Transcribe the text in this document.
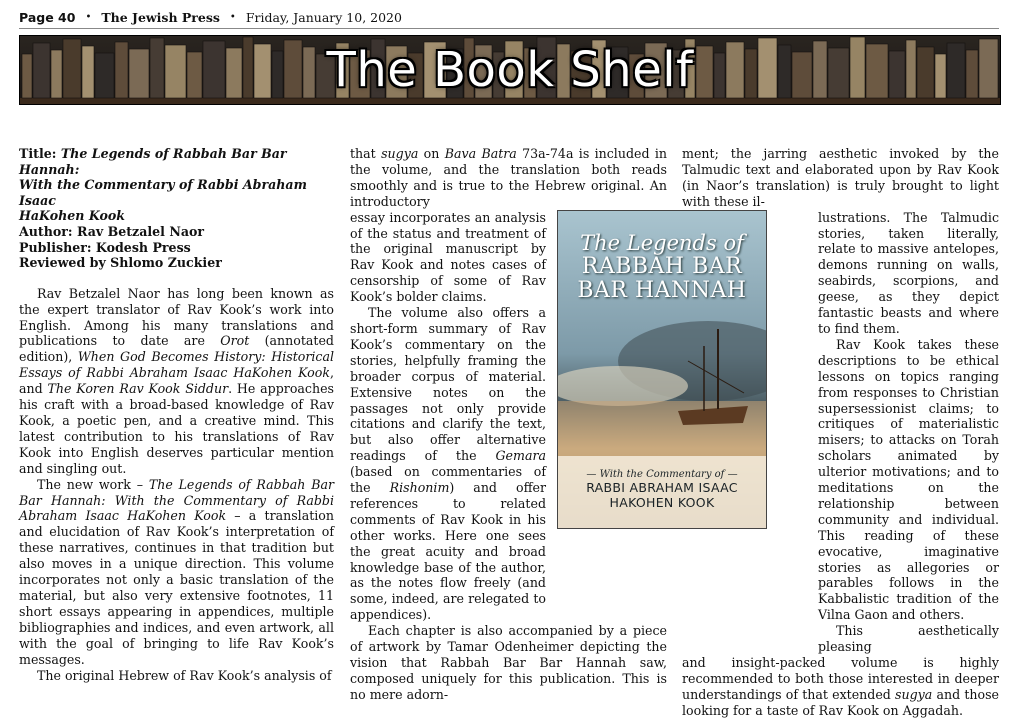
Page 40 • The Jewish Press • Friday, January 10, 2020
The Book Shelf
Title: The Legends of Rabbah Bar Bar Hannah:
With the Commentary of Rabbi Abraham Isaac
HaKohen Kook
Author: Rav Betzalel Naor
Publisher: Kodesh Press
Reviewed by Shlomo Zuckier

Rav Betzalel Naor has long been known as the expert translator of Rav Kook’s work into English. Among his many translations and publications to date are Orot (annotated edition), When God Becomes History: Historical Essays of Rabbi Abraham Isaac HaKohen Kook, and The Koren Rav Kook Siddur. He approaches his craft with a broad-based knowledge of Rav Kook, a poetic pen, and a creative mind. This latest contribution to his translations of Rav Kook into English deserves particular mention and singling out.

The new work – The Legends of Rabbah Bar Bar Hannah: With the Commentary of Rabbi Abraham Isaac HaKohen Kook – a translation and elucidation of Rav Kook’s interpretation of these narratives, continues in that tradition but also moves in a unique direction. This volume incorporates not only a basic translation of the material, but also very extensive footnotes, 11 short essays appearing in appendices, multiple bibliographies and indices, and even artwork, all with the goal of bringing to life Rav Kook’s messages.

The original Hebrew of Rav Kook’s analysis of

that sugya on Bava Batra 73a-74a is included in the volume, and the translation both reads smoothly and is true to the Hebrew original. An introductory

essay incorporates an analysis of the status and treatment of the original manuscript by Rav Kook and notes cases of censorship of some of Rav Kook’s bolder claims.

The volume also offers a short-form summary of Rav Kook’s commentary on the stories, helpfully framing the broader corpus of material. Extensive notes on the passages not only provide citations and clarify the text, but also offer alternative readings of the Gemara (based on commentaries of the Rishonim) and offer references to related comments of Rav Kook in his other works. Here one sees the great acuity and broad knowledge base of the author, as the notes flow freely (and some, indeed, are relegated to appendices).

Each chapter is also accompanied by a piece of artwork by Tamar Odenheimer depicting the vision that Rabbah Bar Bar Hannah saw, composed uniquely for this publication. This is no mere adorn-

ment; the jarring aesthetic invoked by the Talmudic text and elaborated upon by Rav Kook (in Naor’s translation) is truly brought to light with these il-

lustrations. The Talmudic stories, taken literally, relate to massive antelopes, demons running on walls, seabirds, scorpions, and geese, as they depict fantastic beasts and where to find them.

Rav Kook takes these descriptions to be ethical lessons on topics ranging from responses to Christian supersessionist claims; to critiques of materialistic misers; to attacks on Torah scholars animated by ulterior motivations; and to meditations on the relationship between community and individual. This reading of these evocative, imaginative stories as allegories or parables follows in the Kabbalistic tradition of the Vilna Gaon and others.

This aesthetically pleasing

and insight-packed volume is highly recommended to both those interested in deeper understandings of that extended sugya and those looking for a taste of Rav Kook on Aggadah.

The Legends of
RABBAH BAR
BAR HANNAH
— With the Commentary of —
RABBI ABRAHAM ISAAC
HAKOHEN KOOK
